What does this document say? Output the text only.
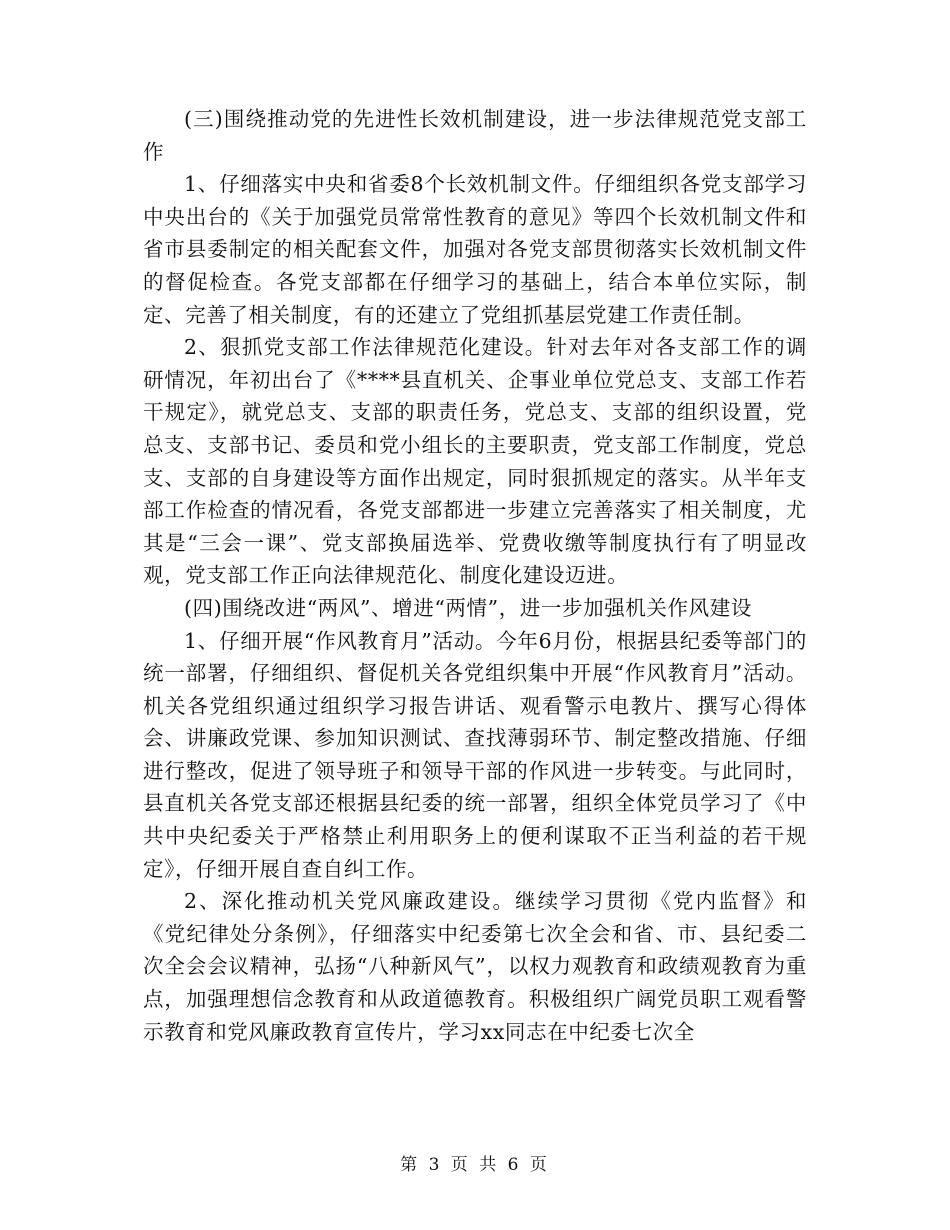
(三)围绕推动党的先进性长效机制建设，进一步法律规范党支部工作

1、仔细落实中央和省委8个长效机制文件。仔细组织各党支部学习中央出台的《关于加强党员常常性教育的意见》等四个长效机制文件和省市县委制定的相关配套文件，加强对各党支部贯彻落实长效机制文件的督促检查。各党支部都在仔细学习的基础上，结合本单位实际，制定、完善了相关制度，有的还建立了党组抓基层党建工作责任制。

2、狠抓党支部工作法律规范化建设。针对去年对各支部工作的调研情况，年初出台了《****县直机关、企事业单位党总支、支部工作若干规定》，就党总支、支部的职责任务，党总支、支部的组织设置，党总支、支部书记、委员和党小组长的主要职责，党支部工作制度，党总支、支部的自身建设等方面作出规定，同时狠抓规定的落实。从半年支部工作检查的情况看，各党支部都进一步建立完善落实了相关制度，尤其是“三会一课”、党支部换届选举、党费收缴等制度执行有了明显改观，党支部工作正向法律规范化、制度化建设迈进。

(四)围绕改进“两风”、增进“两情”，进一步加强机关作风建设

1、仔细开展“作风教育月”活动。今年6月份，根据县纪委等部门的统一部署，仔细组织、督促机关各党组织集中开展“作风教育月”活动。机关各党组织通过组织学习报告讲话、观看警示电教片、撰写心得体会、讲廉政党课、参加知识测试、查找薄弱环节、制定整改措施、仔细进行整改，促进了领导班子和领导干部的作风进一步转变。与此同时，县直机关各党支部还根据县纪委的统一部署，组织全体党员学习了《中共中央纪委关于严格禁止利用职务上的便利谋取不正当利益的若干规定》，仔细开展自查自纠工作。

2、深化推动机关党风廉政建设。继续学习贯彻《党内监督》和《党纪律处分条例》，仔细落实中纪委第七次全会和省、市、县纪委二次全会会议精神，弘扬“八种新风气”，以权力观教育和政绩观教育为重点，加强理想信念教育和从政道德教育。积极组织广阔党员职工观看警示教育和党风廉政教育宣传片，学习xx同志在中纪委七次全

第 3 页 共 6 页
